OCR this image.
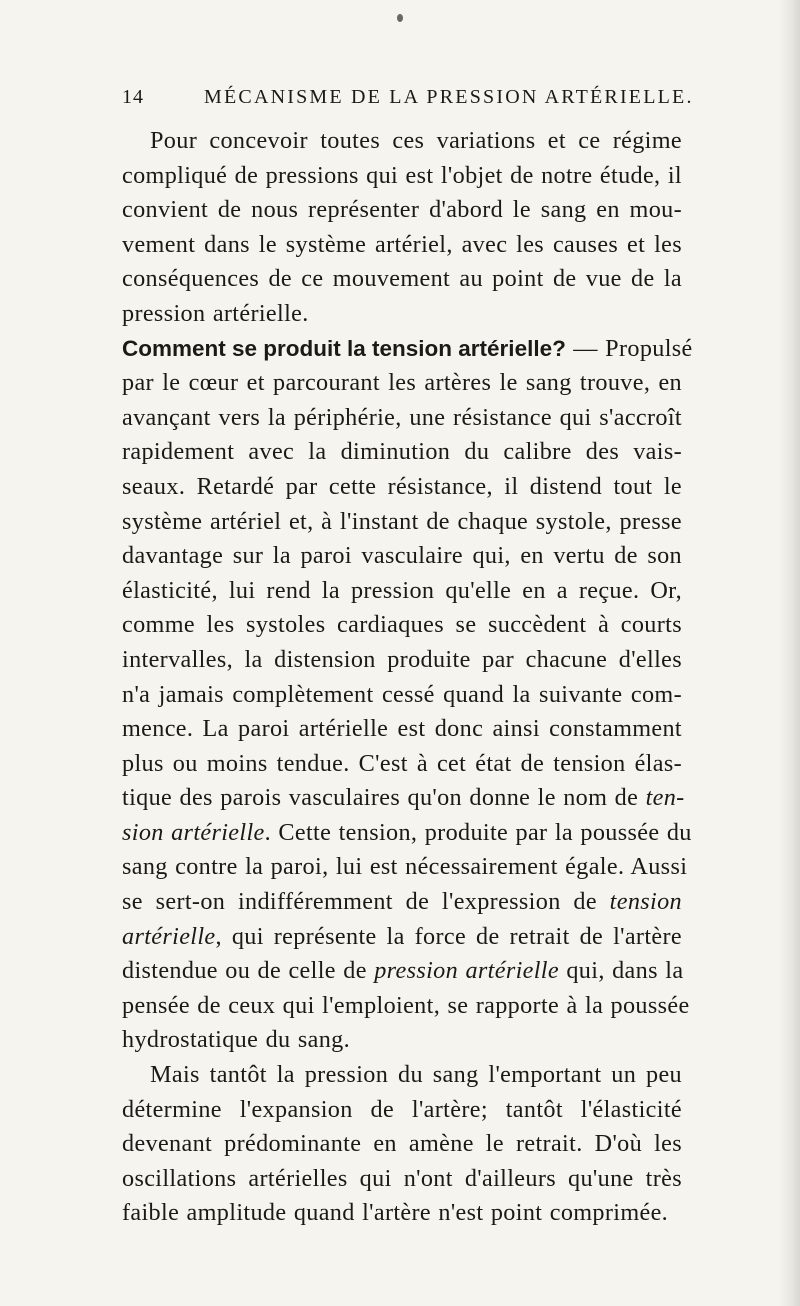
14	MÉCANISME DE LA PRESSION ARTÉRIELLE.
Pour concevoir toutes ces variations et ce régime
compliqué de pressions qui est l'objet de notre étude, il
convient de nous représenter d'abord le sang en mou-
vement dans le système artériel, avec les causes et les
conséquences de ce mouvement au point de vue de la
pression artérielle.
Comment se produit la tension artérielle? — Propulsé
par le cœur et parcourant les artères le sang trouve, en
avançant vers la périphérie, une résistance qui s'accroît
rapidement avec la diminution du calibre des vais-
seaux. Retardé par cette résistance, il distend tout le
système artériel et, à l'instant de chaque systole, presse
davantage sur la paroi vasculaire qui, en vertu de son
élasticité, lui rend la pression qu'elle en a reçue. Or,
comme les systoles cardiaques se succèdent à courts
intervalles, la distension produite par chacune d'elles
n'a jamais complètement cessé quand la suivante com-
mence. La paroi artérielle est donc ainsi constamment
plus ou moins tendue. C'est à cet état de tension élas-
tique des parois vasculaires qu'on donne le nom de ten-
sion artérielle. Cette tension, produite par la poussée du
sang contre la paroi, lui est nécessairement égale. Aussi
se sert-on indifféremment de l'expression de tension
artérielle, qui représente la force de retrait de l'artère
distendue ou de celle de pression artérielle qui, dans la
pensée de ceux qui l'emploient, se rapporte à la poussée
hydrostatique du sang.
Mais tantôt la pression du sang l'emportant un peu
détermine l'expansion de l'artère; tantôt l'élasticité
devenant prédominante en amène le retrait. D'où les
oscillations artérielles qui n'ont d'ailleurs qu'une très
faible amplitude quand l'artère n'est point comprimée.
